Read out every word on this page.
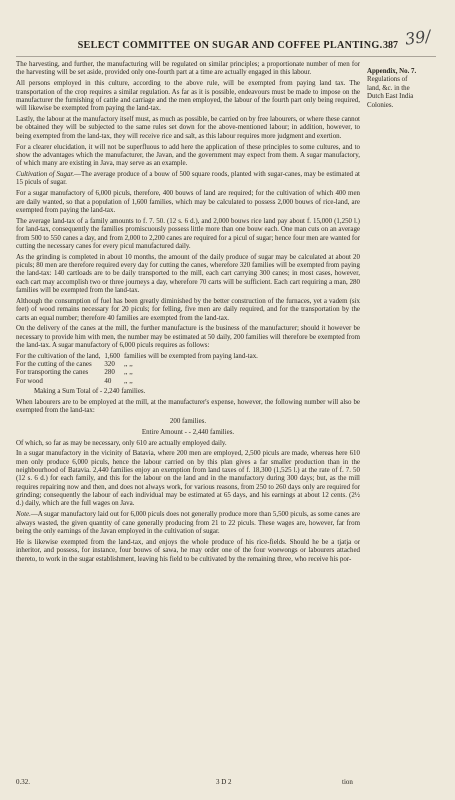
SELECT COMMITTEE ON SUGAR AND COFFEE PLANTING. 387 39/
Appendix, No. 7.
Regulations of
land, &c. in the
Dutch East India
Colonies.

The harvesting, and further, the manufacturing will be regulated on similar principles; a proportionate number of men for the harvesting will be set aside, provided only one-fourth part at a time are actually engaged in this labour.

All persons employed in this culture, according to the above rule, will be exempted from paying land tax. The transportation of the crop requires a similar regulation. As far as it is possible, endeavours must be made to impose on the manufacturer the furnishing of cattle and carriage and the men employed, the labour of the fourth part only being required, will likewise be exempted from paying the land-tax.

Lastly, the labour at the manufactory itself must, as much as possible, be carried on by free labourers, or where these cannot be obtained they will be subjected to the same rules set down for the above-mentioned labour; in addition, however, to being exempted from the land-tax, they will receive rice and salt, as this labour requires more judgment and exertion.

For a clearer elucidation, it will not be superfluous to add here the application of these principles to some cultures, and to show the advantages which the manufacturer, the Javan, and the government may expect from them. A sugar manufactory, of which many are existing in Java, may serve as an example.

Cultivation of Sugar.—The average produce of a bouw of 500 square roods, planted with sugar-canes, may be estimated at 15 piculs of sugar.

For a sugar manufactory of 6,000 piculs, therefore, 400 bouws of land are required; for the cultivation of which 400 men are daily wanted, so that a population of 1,600 families, which may be calculated to possess 2,000 bouws of rice-land, are exempted from paying the land-tax.

The average land-tax of a family amounts to f. 7. 50. (12 s. 6 d.), and 2,000 bouws rice land pay about f. 15,000 (1,250 l.) for land-tax, consequently the families promiscuously possess little more than one bouw each. One man cuts on an average from 500 to 550 canes a day, and from 2,000 to 2,200 canes are required for a picul of sugar; hence four men are wanted for cutting the necessary canes for every picul manufactured daily.

As the grinding is completed in about 10 months, the amount of the daily produce of sugar may be calculated at about 20 piculs; 80 men are therefore required every day for cutting the canes, wherefore 320 families will be exempted from paying the land-tax: 140 cartloads are to be daily transported to the mill, each cart carrying 300 canes; in most cases, however, each cart may accomplish two or three journeys a day, wherefore 70 carts will be sufficient. Each cart requiring a man, 280 families will be exempted from the land-tax.

Although the consumption of fuel has been greatly diminished by the better construction of the furnaces, yet a vadem (six feet) of wood remains necessary for 20 piculs; for felling, five men are daily required, and for the transportation by the carts an equal number; therefore 40 families are exempted from the land-tax.

On the delivery of the canes at the mill, the further manufacture is the business of the manufacturer; should it however be necessary to provide him with men, the number may be estimated at 50 daily, 200 families will therefore be exempted from the land-tax. A sugar manufactory of 6,000 piculs requires as follows:

For the cultivation of the land,	1,600	families will be exempted from paying land-tax.
For the cutting of the canes	320	,, ,,
For transporting the canes	280	,, ,,
For wood	40	,, ,,

Making a Sum Total of - 2,240 families.

When labourers are to be employed at the mill, at the manufacturer's expense, however, the following number will also be exempted from the land-tax:

200 families.

Entire Amount - - 2,440 families.

Of which, so far as may be necessary, only 610 are actually employed daily.

In a sugar manufactory in the vicinity of Batavia, where 200 men are employed, 2,500 piculs are made, whereas here 610 men only produce 6,000 piculs, hence the labour carried on by this plan gives a far smaller production than in the neighbourhood of Batavia. 2,440 families enjoy an exemption from land taxes of f. 18,300 (1,525 l.) at the rate of f. 7. 50 (12 s. 6 d.) for each family, and this for the labour on the land and in the manufactory during 300 days; but, as the mill requires repairing now and then, and does not always work, for various reasons, from 250 to 260 days only are required for grinding; consequently the labour of each individual may be estimated at 65 days, and his earnings at about 12 cents. (2½ d.) daily, which are the full wages on Java.

Note.—A sugar manufactory laid out for 6,000 piculs does not generally produce more than 5,500 piculs, as some canes are always wasted, the given quantity of cane generally producing from 21 to 22 piculs. These wages are, however, far from being the only earnings of the Javan employed in the cultivation of sugar.

He is likewise exempted from the land-tax, and enjoys the whole produce of his rice-fields. Should he be a tjatja or inheritor, and possess, for instance, four bouws of sawa, he may order one of the four woewongs or labourers attached thereto, to work in the sugar establishment, leaving his field to be cultivated by the remaining three, who receive his por-

0.32.	3 D 2	tion
